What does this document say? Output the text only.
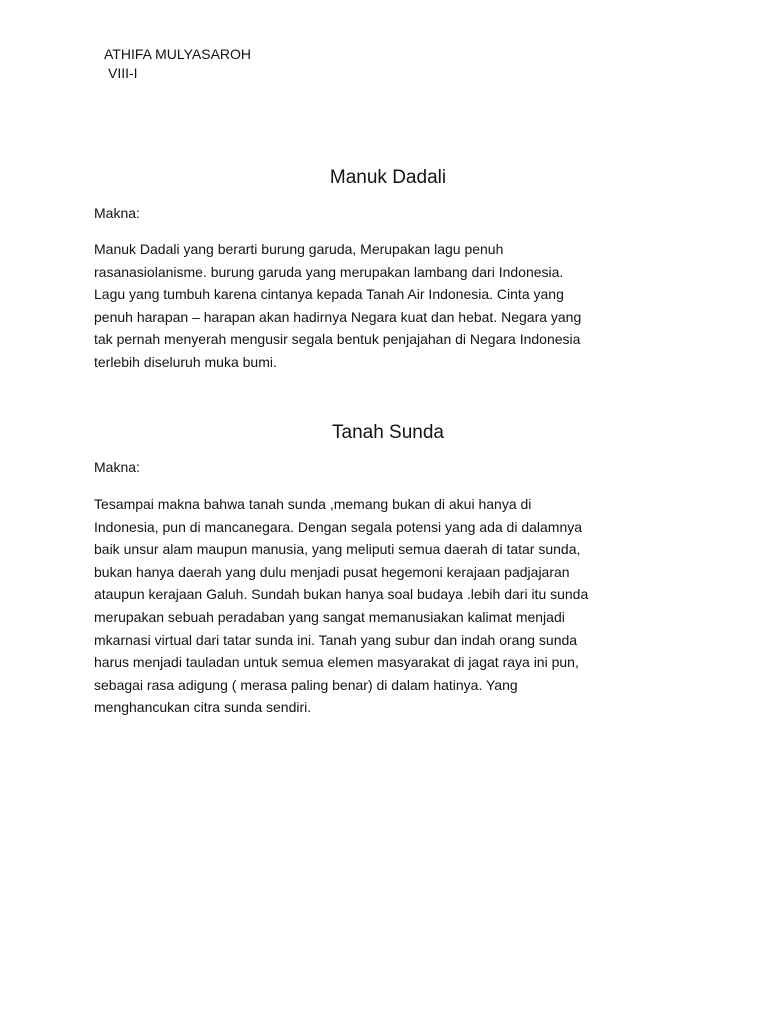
ATHIFA MULYASAROH
VIII-I
Manuk Dadali

Makna:

Manuk Dadali yang berarti burung garuda, Merupakan lagu penuh
rasanasiolanisme. burung garuda yang merupakan lambang dari Indonesia.
Lagu yang tumbuh karena cintanya kepada Tanah Air Indonesia. Cinta yang
penuh harapan – harapan akan hadirnya Negara kuat dan hebat. Negara yang
tak pernah menyerah mengusir segala bentuk penjajahan di Negara Indonesia
terlebih diseluruh muka bumi.

Tanah Sunda

Makna:

Tesampai makna bahwa tanah sunda ,memang bukan di akui hanya di
Indonesia, pun di mancanegara. Dengan segala potensi yang ada di dalamnya
baik unsur alam maupun manusia, yang meliputi semua daerah di tatar sunda,
bukan hanya daerah yang dulu menjadi pusat hegemoni kerajaan padjajaran
ataupun kerajaan Galuh. Sundah bukan hanya soal budaya .lebih dari itu sunda
merupakan sebuah peradaban yang sangat memanusiakan kalimat menjadi
mkarnasi virtual dari tatar sunda ini. Tanah yang subur dan indah orang sunda
harus menjadi tauladan untuk semua elemen masyarakat di jagat raya ini pun,
sebagai rasa adigung ( merasa paling benar) di dalam hatinya. Yang
menghancukan citra sunda sendiri.
